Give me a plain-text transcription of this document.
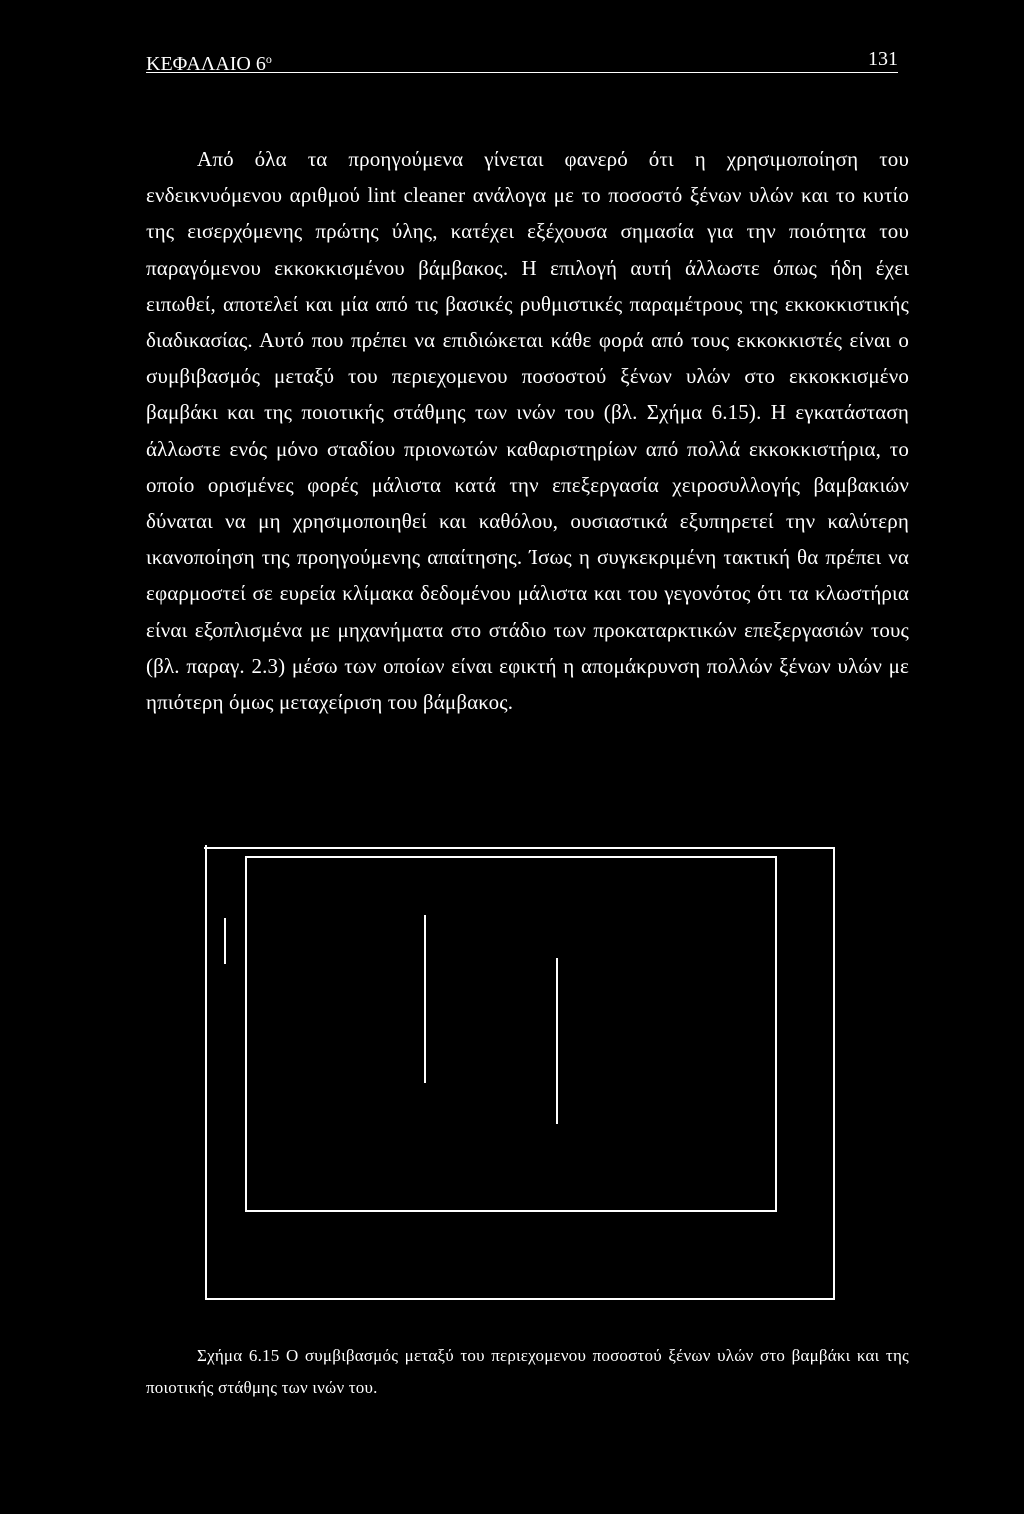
ΚΕΦΑΛΑΙΟ $6^o$	131

Από όλα τα προηγούμενα γίνεται φανερό ότι η χρησιμοποίηση του ενδεικνυόμενου αριθμού lint cleaner ανάλογα με το ποσοστό ξένων υλών και το κυτίο της εισερχόμενης πρώτης ύλης, κατέχει εξέχουσα σημασία για την ποιότητα του παραγόμενου εκκοκκισμένου βάμβακος. Η επιλογή αυτή άλλωστε όπως ήδη έχει ειπωθεί, αποτελεί και μία από τις βασικές ρυθμιστικές παραμέτρους της εκκοκκιστικής διαδικασίας. Αυτό που πρέπει να επιδιώκεται κάθε φορά από τους εκκοκκιστές είναι ο συμβιβασμός μεταξύ του περιεχομενου ποσοστού ξένων υλών στο εκκοκκισμένο βαμβάκι και της ποιοτικής στάθμης των ινών του (βλ. Σχήμα 6.15). Η εγκατάσταση άλλωστε ενός μόνο σταδίου πριονωτών καθαριστηρίων από πολλά εκκοκκιστήρια, το οποίο ορισμένες φορές μάλιστα κατά την επεξεργασία χειροσυλλογής βαμβακιών δύναται να μη χρησιμοποιηθεί και καθόλου, ουσιαστικά εξυπηρετεί την καλύτερη ικανοποίηση της προηγούμενης απαίτησης. Ίσως η συγκεκριμένη τακτική θα πρέπει να εφαρμοστεί σε ευρεία κλίμακα δεδομένου μάλιστα και του γεγονότος ότι τα κλωστήρια είναι εξοπλισμένα με μηχανήματα στο στάδιο των προκαταρκτικών επεξεργασιών τους (βλ. παραγ. 2.3) μέσω των οποίων είναι εφικτή η απομάκρυνση πολλών ξένων υλών με ηπιότερη όμως μεταχείριση του βάμβακος.

Σχήμα 6.15 Ο συμβιβασμός μεταξύ του περιεχομενου ποσοστού ξένων υλών στο βαμβάκι και της ποιοτικής στάθμης των ινών του.
